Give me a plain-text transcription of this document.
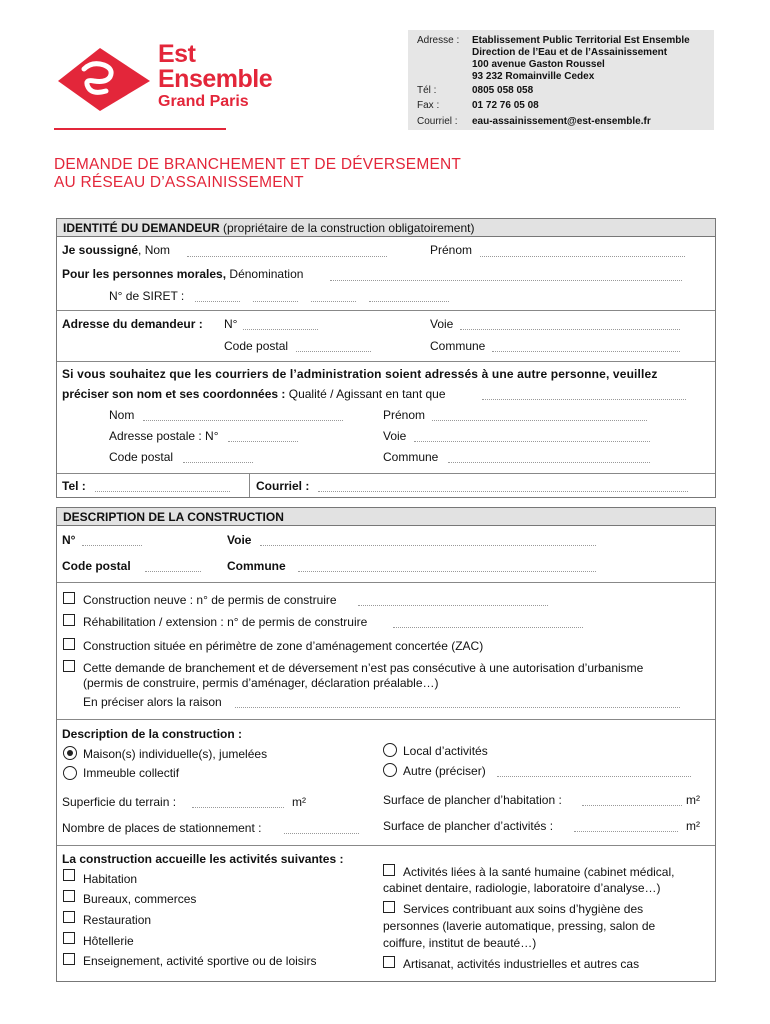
Est
Ensemble
Grand Paris
Adresse : Etablissement Public Territorial Est Ensemble
Direction de l’Eau et de l’Assainissement
100 avenue Gaston Roussel
93 232 Romainville Cedex
Tél :	0805 058 058
Fax :	01 72 76 05 08
Courriel : eau-assainissement@est-ensemble.fr
DEMANDE DE BRANCHEMENT ET DE DÉVERSEMENT
AU RÉSEAU D’ASSAINISSEMENT
IDENTITÉ DU DEMANDEUR (propriétaire de la construction obligatoirement)
Je soussigné, Nom	Prénom
Pour les personnes morales, Dénomination
N° de SIRET :
Adresse du demandeur : N°	Voie
Code postal	Commune
Si vous souhaitez que les courriers de l’administration soient adressés à une autre personne, veuillez
préciser son nom et ses coordonnées : Qualité / Agissant en tant que
Nom	Prénom
Adresse postale : N°	Voie
Code postal	Commune
Tel :	Courriel :
DESCRIPTION DE LA CONSTRUCTION
N°	Voie
Code postal	Commune
Construction neuve : n° de permis de construire
Réhabilitation / extension : n° de permis de construire
Construction située en périmètre de zone d’aménagement concertée (ZAC)
Cette demande de branchement et de déversement n’est pas consécutive à une autorisation d’urbanisme
(permis de construire, permis d’aménager, déclaration préalable…)
En préciser alors la raison
Description de la construction :
Maison(s) individuelle(s), jumelées
Immeuble collectif
Local d’activités
Autre (préciser)
Superficie du terrain :	m²	Surface de plancher d’habitation :	m²
Nombre de places de stationnement :	Surface de plancher d’activités :	m²
La construction accueille les activités suivantes :
Habitation
Bureaux, commerces
Restauration
Hôtellerie
Enseignement, activité sportive ou de loisirs
Activités liées à la santé humaine (cabinet médical,
cabinet dentaire, radiologie, laboratoire d’analyse…)
Services contribuant aux soins d’hygiène des
personnes (laverie automatique, pressing, salon de
coiffure, institut de beauté…)
Artisanat, activités industrielles et autres cas
